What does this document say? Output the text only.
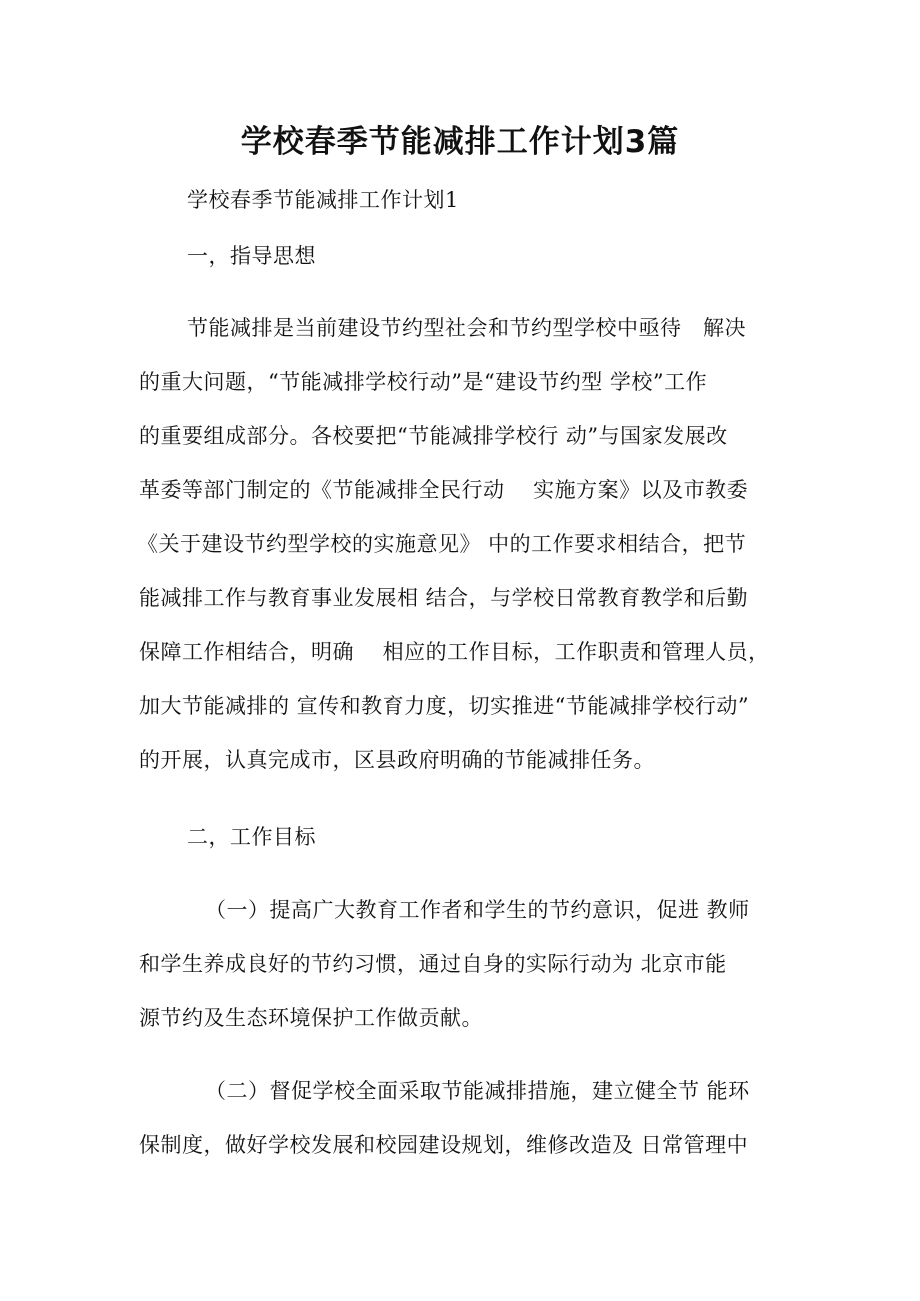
学校春季节能减排工作计划3篇
学校春季节能减排工作计划1
一，指导思想
节能减排是当前建设节约型社会和节约型学校中亟待　解决
的重大问题，“节能减排学校行动”是“建设节约型 学校”工作
的重要组成部分。各校要把“节能减排学校行 动”与国家发展改
革委等部门制定的《节能减排全民行动　 实施方案》以及市教委
《关于建设节约型学校的实施意见》 中的工作要求相结合，把节
能减排工作与教育事业发展相 结合，与学校日常教育教学和后勤
保障工作相结合，明确　 相应的工作目标，工作职责和管理人员，
加大节能减排的 宣传和教育力度，切实推进“节能减排学校行动”
的开展，认真完成市，区县政府明确的节能减排任务。
二，工作目标
（一）提高广大教育工作者和学生的节约意识，促进 教师
和学生养成良好的节约习惯，通过自身的实际行动为 北京市能
源节约及生态环境保护工作做贡献。
（二）督促学校全面采取节能减排措施，建立健全节 能环
保制度，做好学校发展和校园建设规划，维修改造及 日常管理中
